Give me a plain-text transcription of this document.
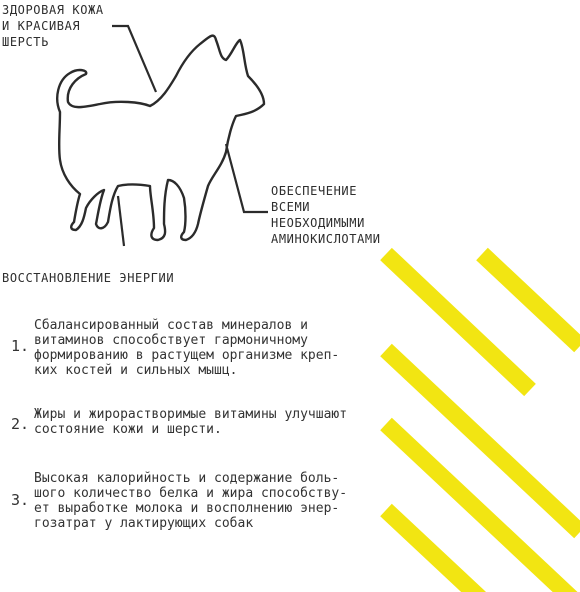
ЗДОРОВАЯ КОЖА
И КРАСИВАЯ
ШЕРСТЬ
ОБЕСПЕЧЕНИЕ
ВСЕМИ
НЕОБХОДИМЫМИ
АМИНОКИСЛОТАМИ
ВОССТАНОВЛЕНИЕ ЭНЕРГИИ
1.
Сбалансированный состав минералов и
витаминов способствует гармоничному
формированию в растущем организме креп-
ких костей и сильных мышц.
2.
Жиры и жирорастворимые витамины улучшают
состояние кожи и шерсти.
3.
Высокая калорийность и содержание боль-
шого количество белка и жира способству-
ет выработке молока и восполнению энер-
гозатрат у лактирующих собак
